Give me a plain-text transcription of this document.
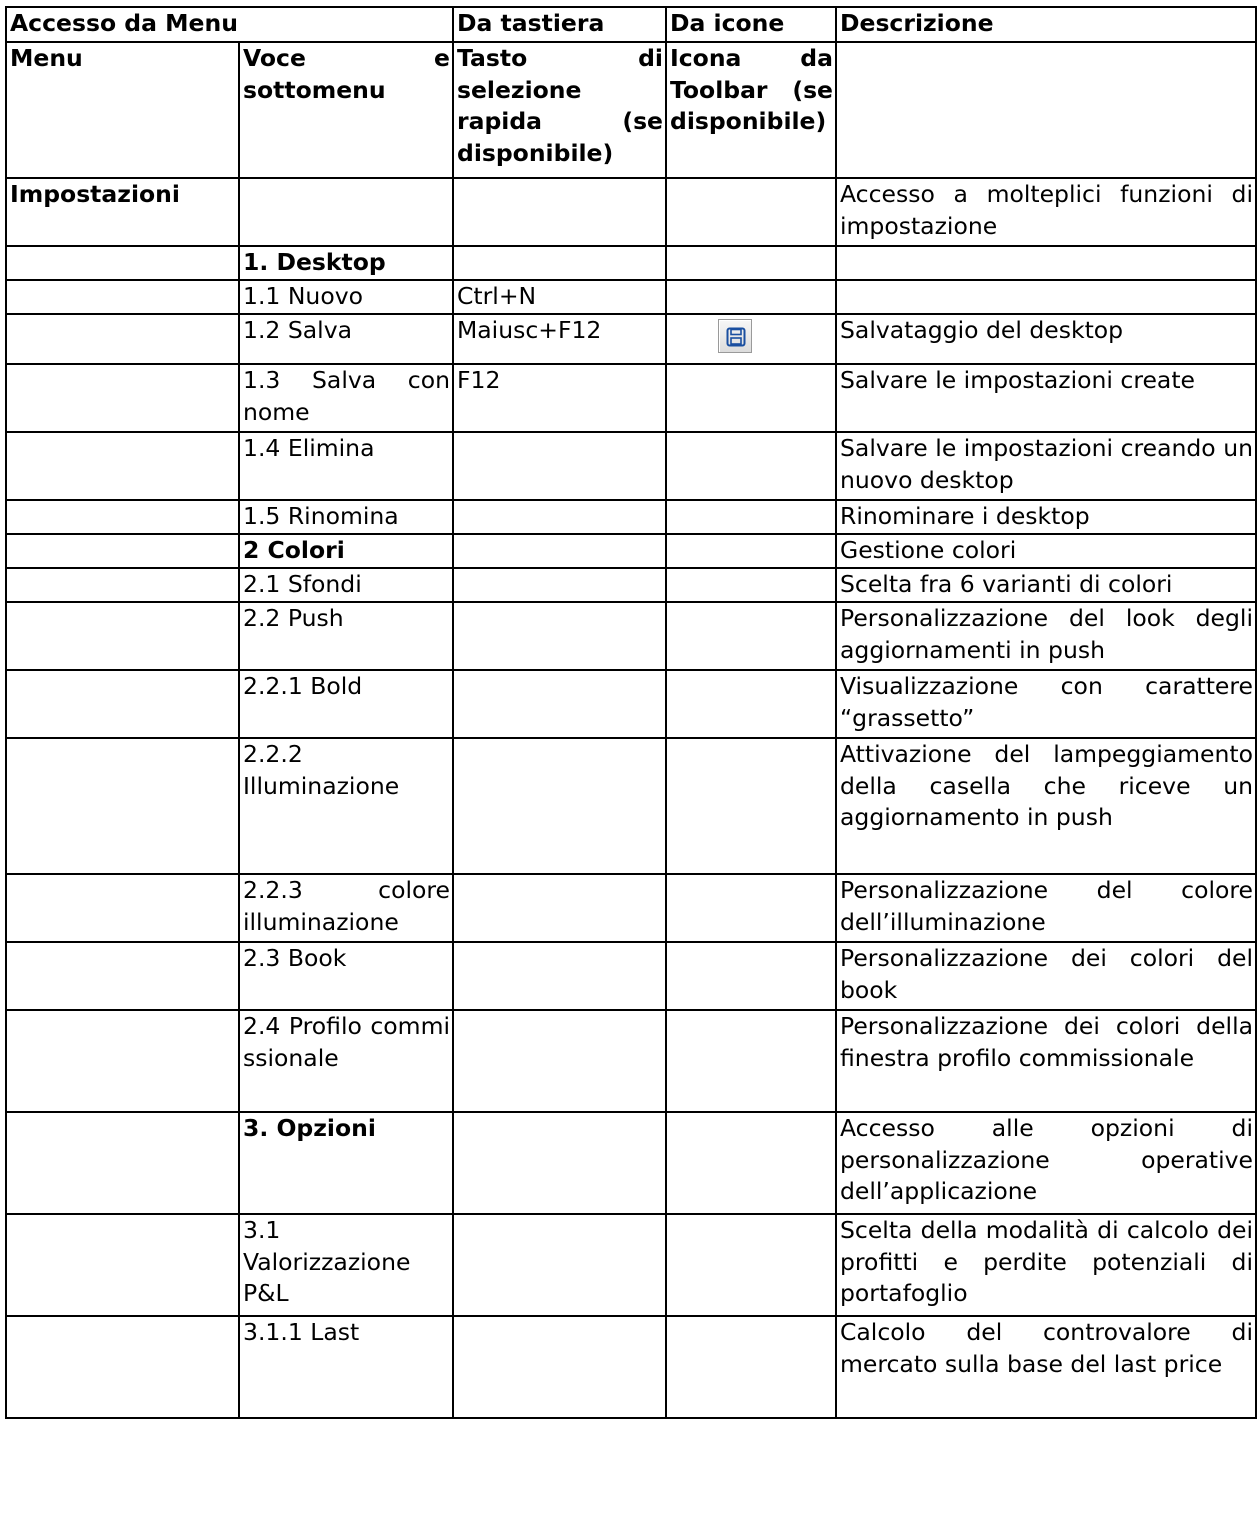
Accesso da Menu		Da tastiera	Da icone	Descrizione
Menu	Voce e sottomenu	Tasto di selezione rapida (se disponibile)	Icona da Toolbar (se disponibile)	
Impostazioni				Accesso a molteplici funzioni di impostazione
	1. Desktop			
	1.1 Nuovo	Ctrl+N		
	1.2 Salva	Maiusc+F12		Salvataggio del desktop
	1.3 Salva con nome	F12		Salvare le impostazioni create
	1.4 Elimina			Salvare le impostazioni creando un nuovo desktop
	1.5 Rinomina			Rinominare i desktop
	2 Colori			Gestione colori
	2.1 Sfondi			Scelta fra 6 varianti di colori
	2.2 Push			Personalizzazione del look degli aggiornamenti in push
	2.2.1 Bold			Visualizzazione con carattere “grassetto”
	2.2.2 Illuminazione			Attivazione del lampeggiamento della casella che riceve un aggiornamento in push
	2.2.3 colore illuminazione			Personalizzazione del colore dell’illuminazione
	2.3 Book			Personalizzazione dei colori del book
	2.4 Profilo commissionale			Personalizzazione dei colori della finestra profilo commissionale
	3. Opzioni			Accesso alle opzioni di personalizzazione operative dell’applicazione
	3.1 Valorizzazione P&L			Scelta della modalità di calcolo dei profitti e perdite potenziali di portafoglio
	3.1.1 Last			Calcolo del controvalore di mercato sulla base del last price
